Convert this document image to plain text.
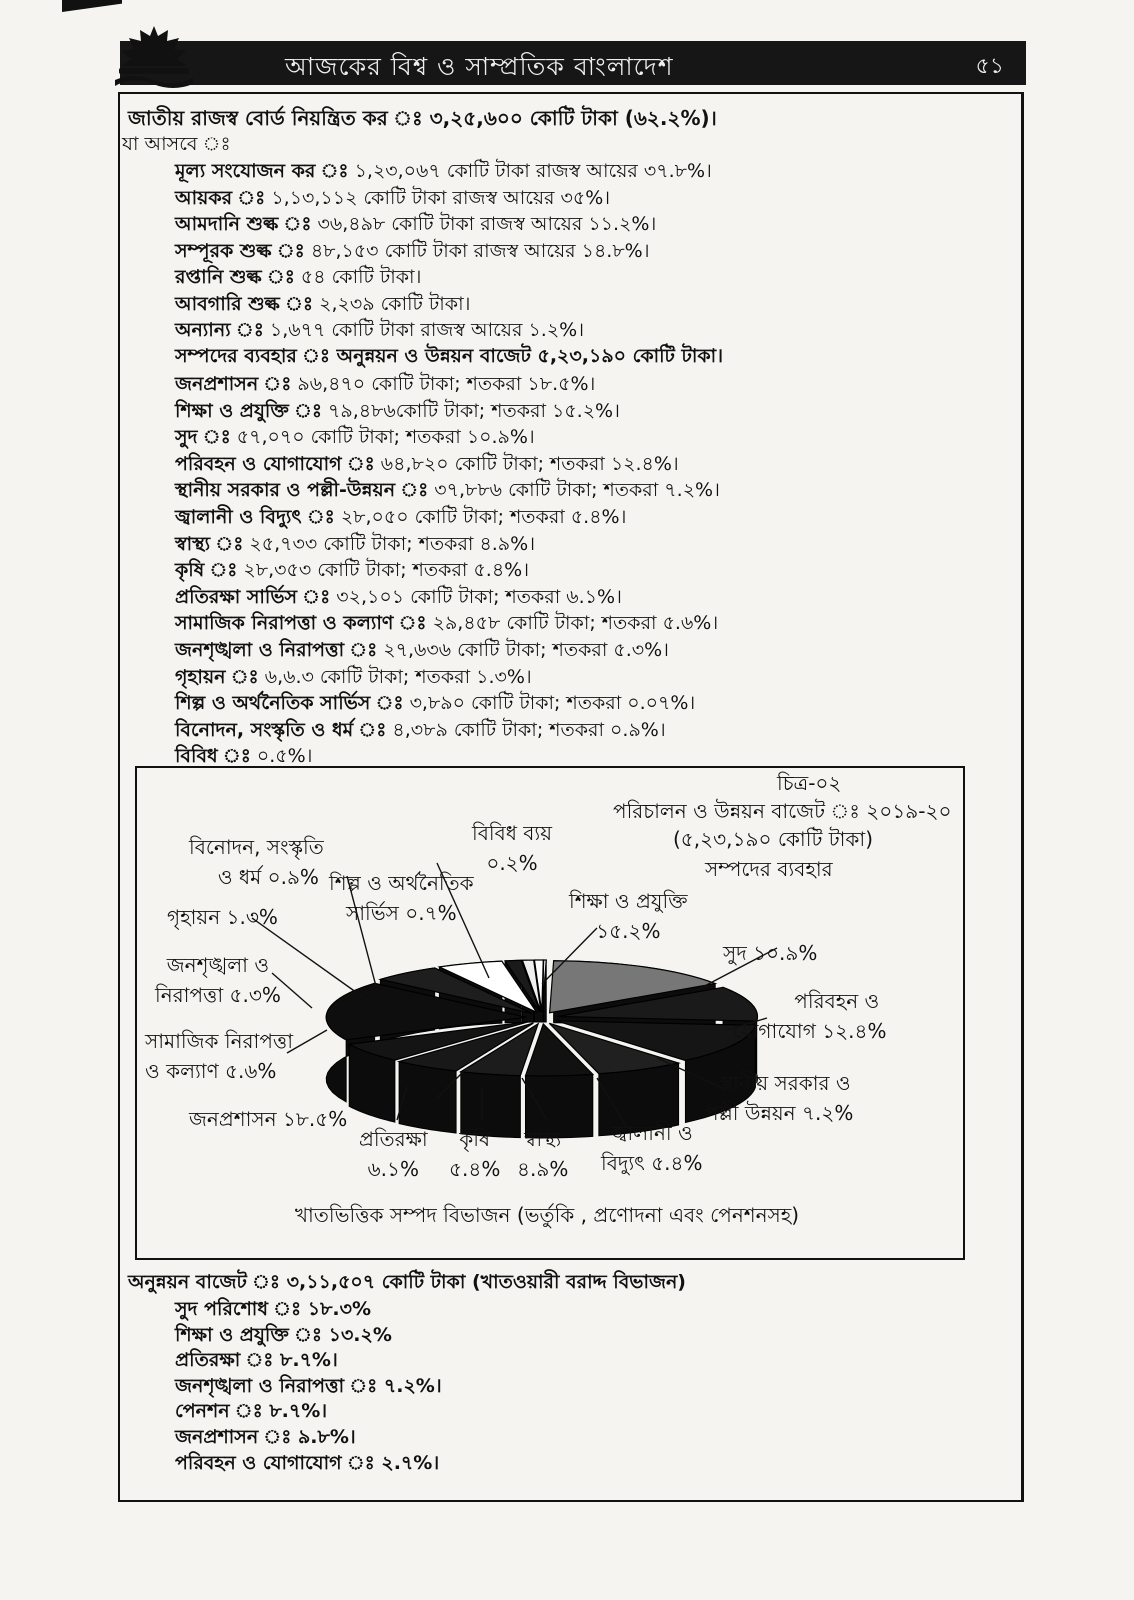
আজকের বিশ্ব ও সাম্প্রতিক বাংলাদেশ	৫১
জাতীয় রাজস্ব বোর্ড নিয়ন্ত্রিত কর ঃ ৩,২৫,৬০০ কোটি টাকা (৬২.২%)।
যা আসবে ঃ
মূল্য সংযোজন কর ঃ ১,২৩,০৬৭ কোটি টাকা রাজস্ব আয়ের ৩৭.৮%।
আয়কর ঃ ১,১৩,১১২ কোটি টাকা রাজস্ব আয়ের ৩৫%।
আমদানি শুল্ক ঃ ৩৬,৪৯৮ কোটি টাকা রাজস্ব আয়ের ১১.২%।
সম্পূরক শুল্ক ঃ ৪৮,১৫৩ কোটি টাকা রাজস্ব আয়ের ১৪.৮%।
রপ্তানি শুল্ক ঃ ৫৪ কোটি টাকা।
আবগারি শুল্ক ঃ ২,২৩৯ কোটি টাকা।
অন্যান্য ঃ ১,৬৭৭ কোটি টাকা রাজস্ব আয়ের ১.২%।
সম্পদের ব্যবহার ঃ অনুন্নয়ন ও উন্নয়ন বাজেট ৫,২৩,১৯০ কোটি টাকা।
জনপ্রশাসন ঃ ৯৬,৪৭০ কোটি টাকা; শতকরা ১৮.৫%।
শিক্ষা ও প্রযুক্তি ঃ ৭৯,৪৮৬কোটি টাকা; শতকরা ১৫.২%।
সুদ ঃ ৫৭,০৭০ কোটি টাকা; শতকরা ১০.৯%।
পরিবহন ও যোগাযোগ ঃ ৬৪,৮২০ কোটি টাকা; শতকরা ১২.৪%।
স্থানীয় সরকার ও পল্লী-উন্নয়ন ঃ ৩৭,৮৮৬ কোটি টাকা; শতকরা ৭.২%।
জ্বালানী ও বিদ্যুৎ ঃ ২৮,০৫০ কোটি টাকা; শতকরা ৫.৪%।
স্বাস্থ্য ঃ ২৫,৭৩৩ কোটি টাকা; শতকরা ৪.৯%।
কৃষি ঃ ২৮,৩৫৩ কোটি টাকা; শতকরা ৫.৪%।
প্রতিরক্ষা সার্ভিস ঃ ৩২,১০১ কোটি টাকা; শতকরা ৬.১%।
সামাজিক নিরাপত্তা ও কল্যাণ ঃ ২৯,৪৫৮ কোটি টাকা; শতকরা ৫.৬%।
জনশৃঙ্খলা ও নিরাপত্তা ঃ ২৭,৬৩৬ কোটি টাকা; শতকরা ৫.৩%।
গৃহায়ন ঃ ৬,৬.৩ কোটি টাকা; শতকরা ১.৩%।
শিল্প ও অর্থনৈতিক সার্ভিস ঃ ৩,৮৯০ কোটি টাকা; শতকরা ০.০৭%।
বিনোদন, সংস্কৃতি ও ধর্ম ঃ ৪,৩৮৯ কোটি টাকা; শতকরা ০.৯%।
বিবিধ ঃ ০.৫%।
চিত্র-০২
পরিচালন ও উন্নয়ন বাজেট ঃ ২০১৯-২০
(৫,২৩,১৯০ কোটি টাকা)
সম্পদের ব্যবহার
বিবিধ ব্যয়
০.২%
বিনোদন, সংস্কৃতি
ও ধর্ম ০.৯% শিল্প ও অর্থনৈতিক
সার্ভিস ০.৭%	শিক্ষা ও প্রযুক্তি
১৫.২%
সুদ ১০.৯%
গৃহায়ন ১.৩%
জনশৃঙ্খলা ও
নিরাপত্তা ৫.৩%	পরিবহন ও
যোগাযোগ ১২.৪%
সামাজিক নিরাপত্তা
ও কল্যাণ ৫.৬%	স্থানীয় সরকার ও
পল্লী উন্নয়ন ৭.২%
জনপ্রশাসন ১৮.৫%
প্রতিরক্ষা
৬.১%
কৃষি
৫.৪%
স্বাস্থ্য
৪.৯%
জ্বালানী ও
বিদ্যুৎ ৫.৪%
খাতভিত্তিক সম্পদ বিভাজন (ভর্তুকি , প্রণোদনা এবং পেনশনসহ)
অনুন্নয়ন বাজেট ঃ ৩,১১,৫০৭ কোটি টাকা (খাতওয়ারী বরাদ্দ বিভাজন)
সুদ পরিশোধ ঃ ১৮.৩%
শিক্ষা ও প্রযুক্তি ঃ ১৩.২%
প্রতিরক্ষা ঃ ৮.৭%।
জনশৃঙ্খলা ও নিরাপত্তা ঃ ৭.২%।
পেনশন ঃ ৮.৭%।
জনপ্রশাসন ঃ ৯.৮%।
পরিবহন ও যোগাযোগ ঃ ২.৭%।
